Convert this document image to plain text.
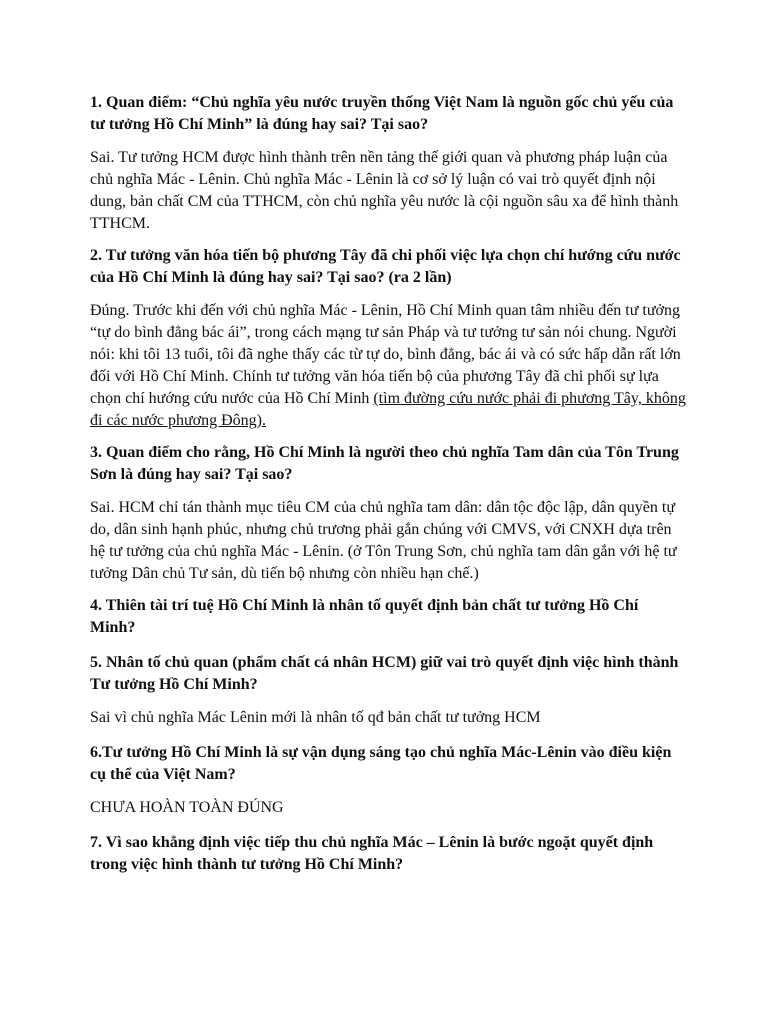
1. Quan điểm: “Chủ nghĩa yêu nước truyền thống Việt Nam là nguồn gốc chủ yếu của tư tưởng Hồ Chí Minh” là đúng hay sai? Tại sao?

Sai. Tư tưởng HCM được hình thành trên nền tảng thế giới quan và phương pháp luận của chủ nghĩa Mác - Lênin. Chủ nghĩa Mác - Lênin là cơ sở lý luận có vai trò quyết định nội dung, bản chất CM của TTHCM, còn chủ nghĩa yêu nước là cội nguồn sâu xa để hình thành TTHCM.

2. Tư tưởng văn hóa tiến bộ phương Tây đã chi phối việc lựa chọn chí hướng cứu nước của Hồ Chí Minh là đúng hay sai? Tại sao? (ra 2 lần)

Đúng. Trước khi đến với chủ nghĩa Mác - Lênin, Hồ Chí Minh quan tâm nhiều đến tư tưởng “tự do bình đẳng bác ái”, trong cách mạng tư sản Pháp và tư tưởng tư sản nói chung. Người nói: khi tôi 13 tuổi, tôi đã nghe thấy các từ tự do, bình đẳng, bác ái và có sức hấp dẫn rất lớn đối với Hồ Chí Minh. Chính tư tưởng văn hóa tiến bộ của phương Tây đã chi phối sự lựa chọn chí hướng cứu nước của Hồ Chí Minh (tìm đường cứu nước phải đi phương Tây, không đi các nước phương Đông).

3. Quan điểm cho rằng, Hồ Chí Minh là người theo chủ nghĩa Tam dân của Tôn Trung Sơn là đúng hay sai? Tại sao?

Sai. HCM chỉ tán thành mục tiêu CM của chủ nghĩa tam dân: dân tộc độc lập, dân quyền tự do, dân sinh hạnh phúc, nhưng chủ trương phải gắn chúng với CMVS, với CNXH dựa trên hệ tư tưởng của chủ nghĩa Mác - Lênin. (ở Tôn Trung Sơn, chủ nghĩa tam dân gắn với hệ tư tưởng Dân chủ Tư sản, dù tiến bộ nhưng còn nhiều hạn chế.)

4. Thiên tài trí tuệ Hồ Chí Minh là nhân tố quyết định bản chất tư tưởng Hồ Chí Minh?

5. Nhân tố chủ quan (phẩm chất cá nhân HCM) giữ vai trò quyết định việc hình thành Tư tưởng Hồ Chí Minh?

Sai vì chủ nghĩa Mác Lênin mới là nhân tố qđ bản chất tư tưởng HCM

6.Tư tưởng Hồ Chí Minh là sự vận dụng sáng tạo chủ nghĩa Mác-Lênin vào điều kiện cụ thể của Việt Nam?

CHƯA HOÀN TOÀN ĐÚNG

7. Vì sao khẳng định việc tiếp thu chủ nghĩa Mác – Lênin là bước ngoặt quyết định trong việc hình thành tư tưởng Hồ Chí Minh?
